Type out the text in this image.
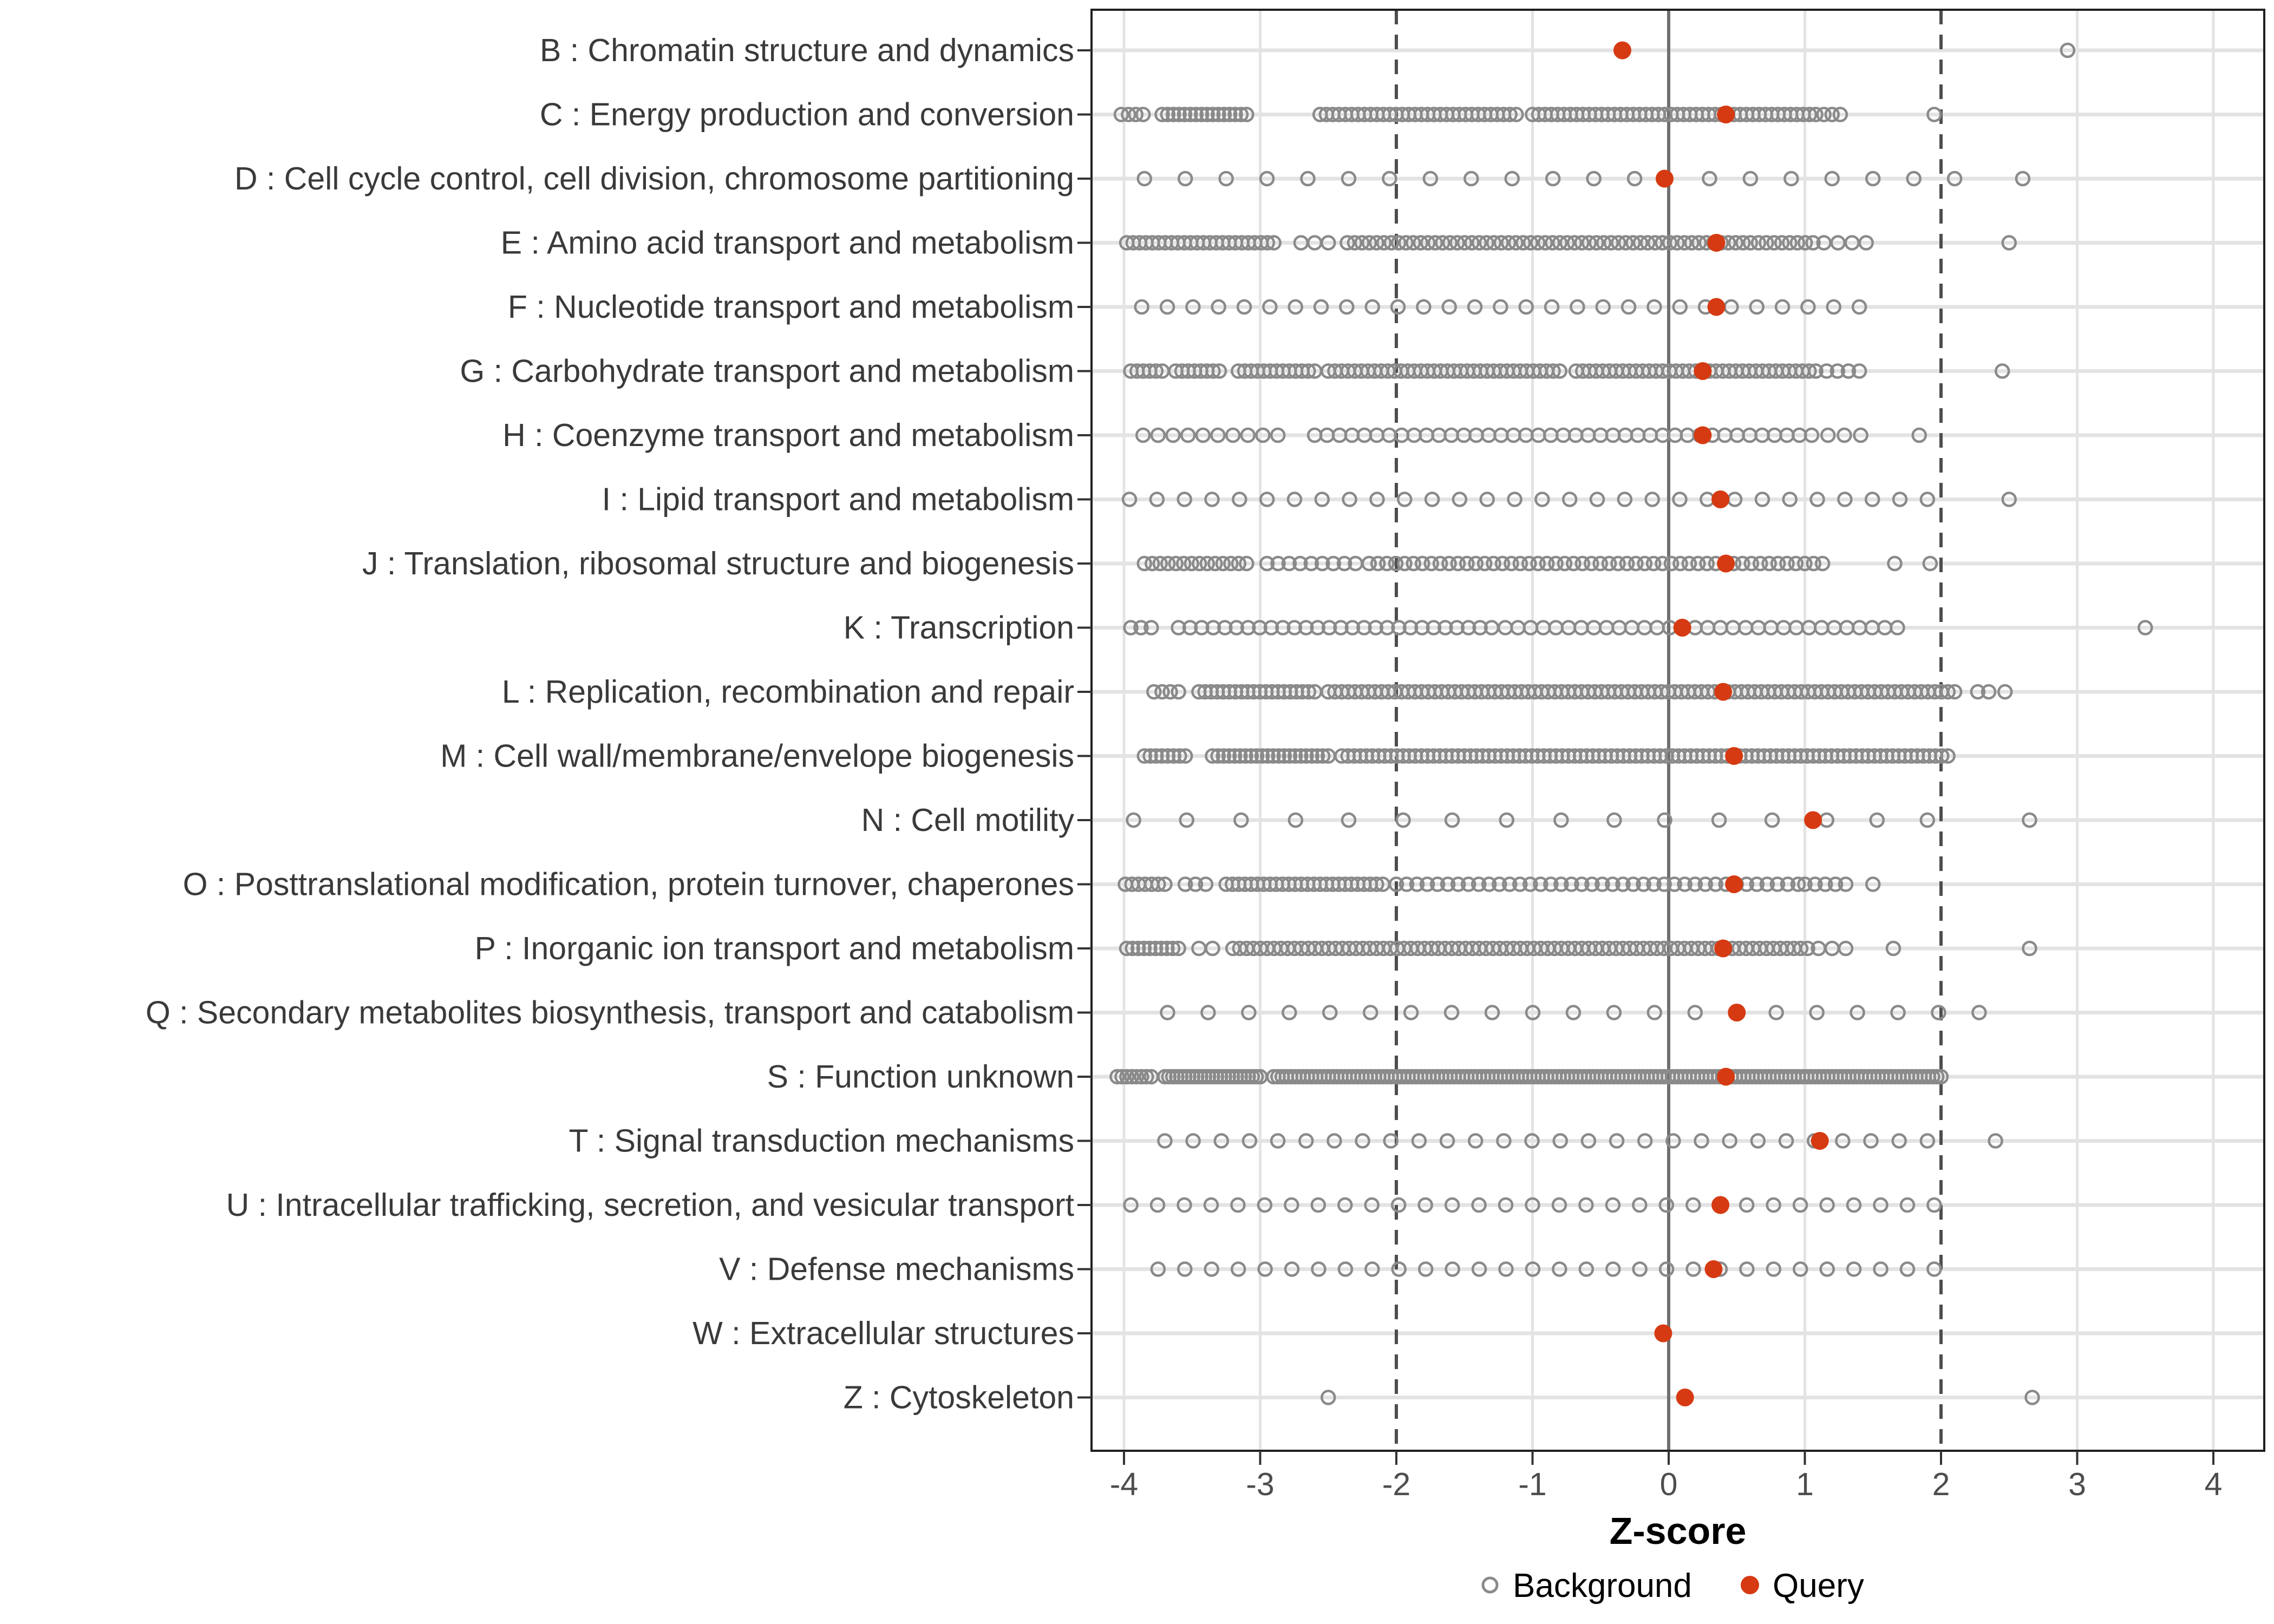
-4	-3	-2	-1	0	1	2	3	4
B : Chromatin structure and dynamics
C : Energy production and conversion
D : Cell cycle control, cell division, chromosome partitioning
E : Amino acid transport and metabolism
F : Nucleotide transport and metabolism
G : Carbohydrate transport and metabolism
H : Coenzyme transport and metabolism
I : Lipid transport and metabolism
J : Translation, ribosomal structure and biogenesis
K : Transcription
L : Replication, recombination and repair
M : Cell wall/membrane/envelope biogenesis
N : Cell motility
O : Posttranslational modification, protein turnover, chaperones
P : Inorganic ion transport and metabolism
Q : Secondary metabolites biosynthesis, transport and catabolism
S : Function unknown
T : Signal transduction mechanisms
U : Intracellular trafficking, secretion, and vesicular transport
V : Defense mechanisms
W : Extracellular structures
Z : Cytoskeleton
Z-score
Background Query
